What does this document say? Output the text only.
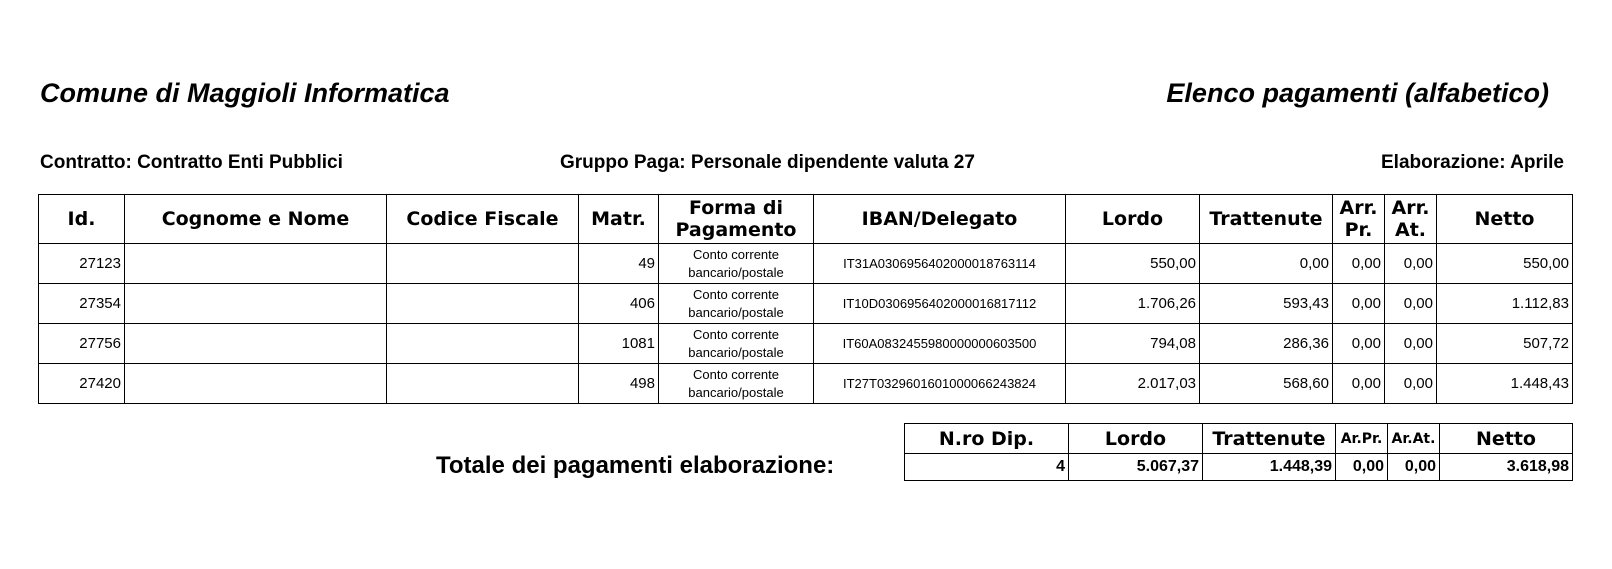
Comune di Maggioli Informatica	Elenco pagamenti (alfabetico)
Contratto: Contratto Enti Pubblici	Gruppo Paga: Personale dipendente valuta 27	Elaborazione: Aprile
Id.	Cognome e Nome	Codice Fiscale	Matr.	Forma di Pagamento	IBAN/Delegato	Lordo	Trattenute	Arr. Pr.	Arr. At.	Netto
27123			49	Conto corrente bancario/postale	IT31A0306956402000018763114	550,00	0,00	0,00	0,00	550,00
27354			406	Conto corrente bancario/postale	IT10D0306956402000016817112	1.706,26	593,43	0,00	0,00	1.112,83
27756			1081	Conto corrente bancario/postale	IT60A0832455980000000603500	794,08	286,36	0,00	0,00	507,72
27420			498	Conto corrente bancario/postale	IT27T0329601601000066243824	2.017,03	568,60	0,00	0,00	1.448,43
Totale dei pagamenti elaborazione:
N.ro Dip.	Lordo	Trattenute	Ar.Pr.	Ar.At.	Netto
4	5.067,37	1.448,39	0,00	0,00	3.618,98
